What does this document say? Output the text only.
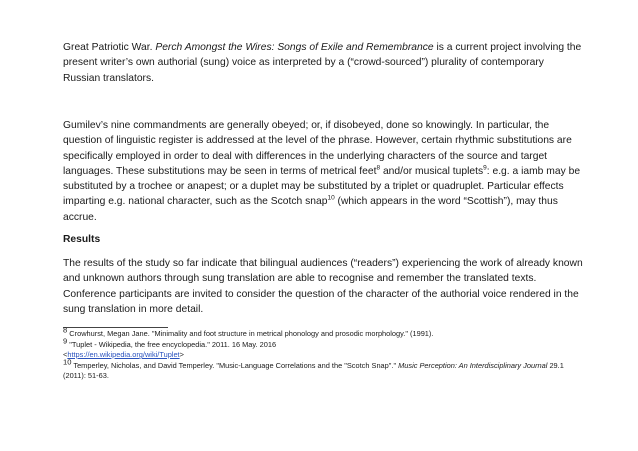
Great Patriotic War. Perch Amongst the Wires: Songs of Exile and Remembrance is a current project involving the present writer’s own authorial (sung) voice as interpreted by a (“crowd-sourced”) plurality of contemporary Russian translators.

Gumilev’s nine commandments are generally obeyed; or, if disobeyed, done so knowingly. In particular, the question of linguistic register is addressed at the level of the phrase. However, certain rhythmic substitutions are specifically employed in order to deal with differences in the underlying characters of the source and target languages. These substitutions may be seen in terms of metrical feet$^8$ and/or musical tuplets$^9$: e.g. a iamb may be substituted by a trochee or anapest; or a duplet may be substituted by a triplet or quadruplet. Particular effects imparting e.g. national character, such as the Scotch snap$^{10}$ (which appears in the word “Scottish”), may thus accrue.

Results

The results of the study so far indicate that bilingual audiences (“readers”) experiencing the work of already known and unknown authors through sung translation are able to recognise and remember the translated texts. Conference participants are invited to consider the question of the character of the authorial voice rendered in the sung translation in more detail.

$^8$ Crowhurst, Megan Jane. "Minimality and foot structure in metrical phonology and prosodic morphology." (1991).

$^9$ "Tuplet - Wikipedia, the free encyclopedia." 2011. 16 May. 2016
<https://en.wikipedia.org/wiki/Tuplet>

$^{10}$ Temperley, Nicholas, and David Temperley. "Music-Language Correlations and the "Scotch Snap"." Music Perception: An Interdisciplinary Journal 29.1 (2011): 51-63.
